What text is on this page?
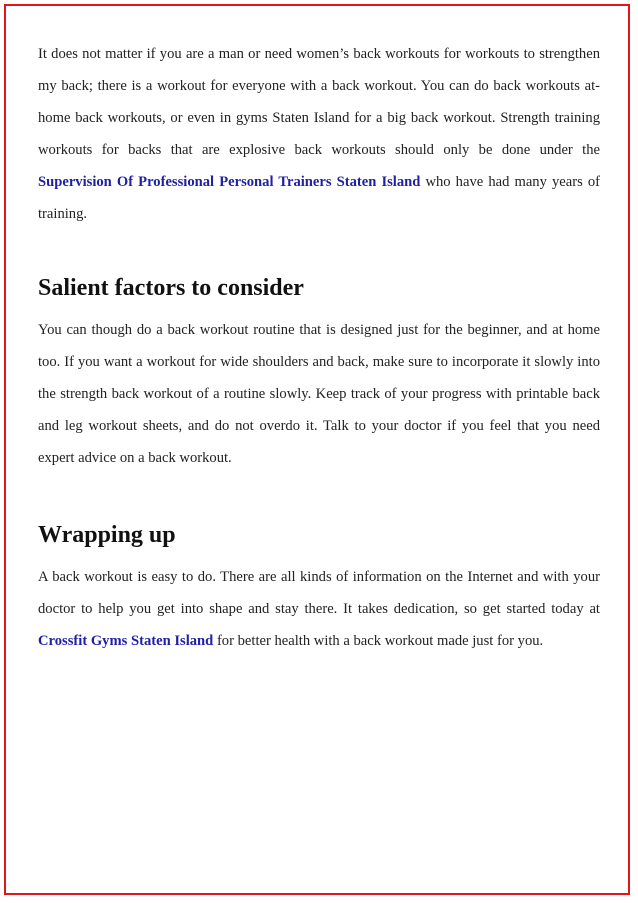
It does not matter if you are a man or need women’s back workouts for workouts to strengthen my back; there is a workout for everyone with a back workout. You can do back workouts at-home back workouts, or even in gyms Staten Island for a big back workout. Strength training workouts for backs that are explosive back workouts should only be done under the Supervision Of Professional Personal Trainers Staten Island who have had many years of training.

Salient factors to consider

You can though do a back workout routine that is designed just for the beginner, and at home too. If you want a workout for wide shoulders and back, make sure to incorporate it slowly into the strength back workout of a routine slowly. Keep track of your progress with printable back and leg workout sheets, and do not overdo it. Talk to your doctor if you feel that you need expert advice on a back workout.

Wrapping up

A back workout is easy to do. There are all kinds of information on the Internet and with your doctor to help you get into shape and stay there. It takes dedication, so get started today at Crossfit Gyms Staten Island for better health with a back workout made just for you.
